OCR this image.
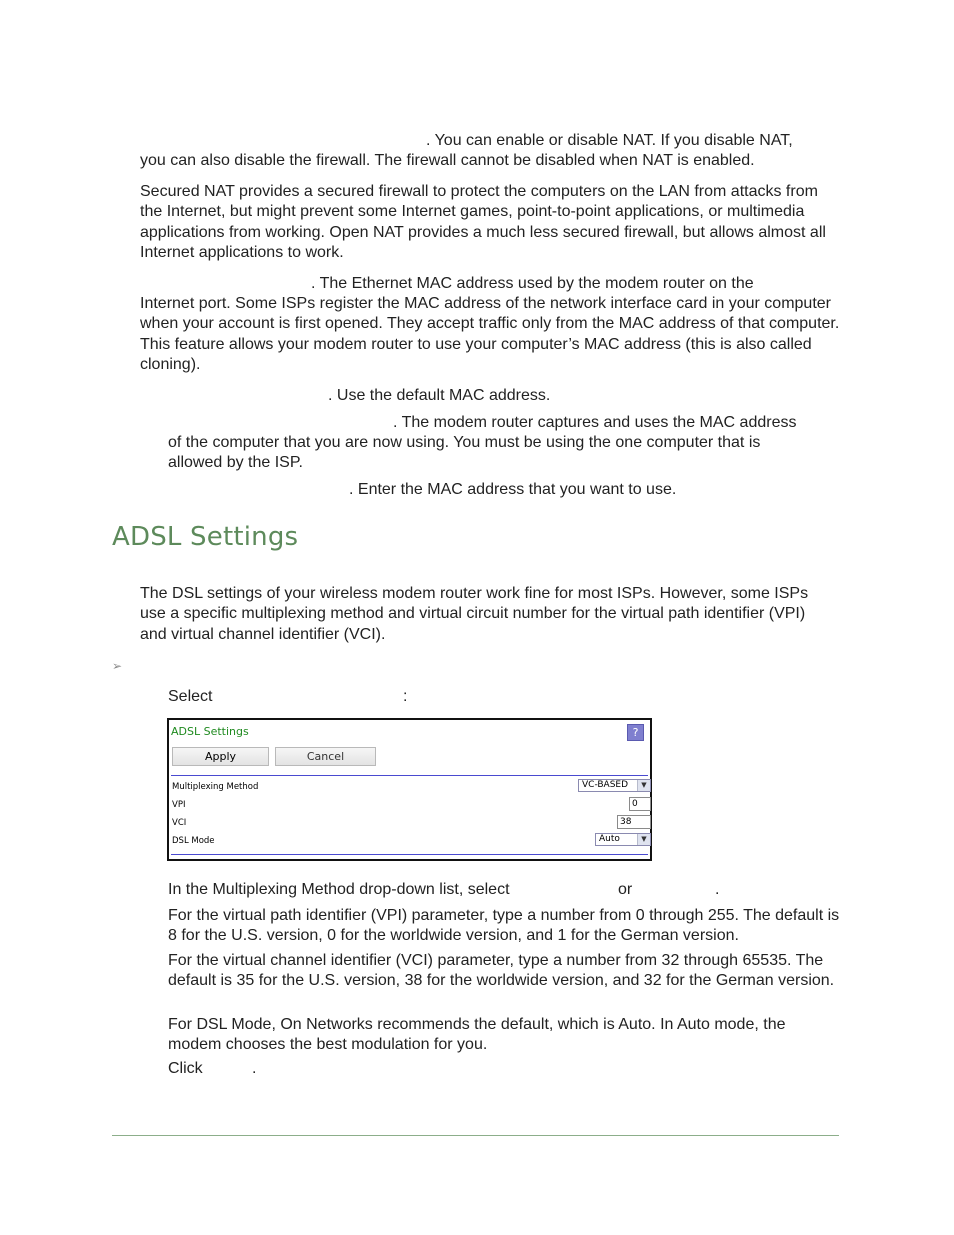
. You can enable or disable NAT. If you disable NAT,

you can also disable the firewall. The firewall cannot be disabled when NAT is enabled.

Secured NAT provides a secured firewall to protect the computers on the LAN from attacks from the Internet, but might prevent some Internet games, point-to-point applications, or multimedia applications from working. Open NAT provides a much less secured firewall, but allows almost all Internet applications to work.

. The Ethernet MAC address used by the modem router on the

Internet port. Some ISPs register the MAC address of the network interface card in your computer when your account is first opened. They accept traffic only from the MAC address of that computer. This feature allows your modem router to use your computer’s MAC address (this is also called cloning).

. Use the default MAC address.

. The modem router captures and uses the MAC address

of the computer that you are now using. You must be using the one computer that is allowed by the ISP.

. Enter the MAC address that you want to use.

ADSL Settings

The DSL settings of your wireless modem router work fine for most ISPs. However, some ISPs use a specific multiplexing method and virtual circuit number for the virtual path identifier (VPI) and virtual channel identifier (VCI).

➢

Select	:

ADSL Settings	?
Apply	Cancel
Multiplexing Method	VC-BASED	▼
VPI	0
VCI	38
DSL Mode	Auto	▼

In the Multiplexing Method drop-down list, select	or	.

For the virtual path identifier (VPI) parameter, type a number from 0 through 255. The default is 8 for the U.S. version, 0 for the worldwide version, and 1 for the German version.

For the virtual channel identifier (VCI) parameter, type a number from 32 through 65535. The default is 35 for the U.S. version, 38 for the worldwide version, and 32 for the German version.

For DSL Mode, On Networks recommends the default, which is Auto. In Auto mode, the modem chooses the best modulation for you.

Click	.
